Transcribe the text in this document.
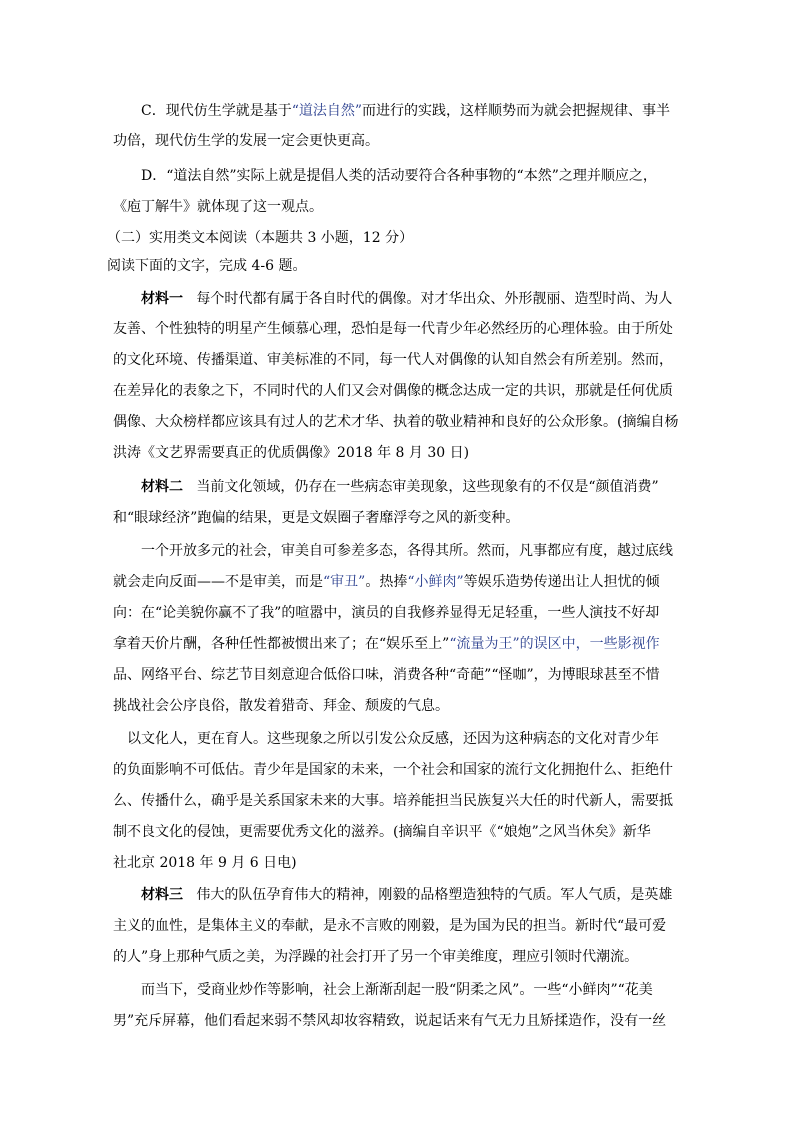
C．现代仿生学就是基于“道法自然”而进行的实践，这样顺势而为就会把握规律、事半
功倍，现代仿生学的发展一定会更快更高。
D．“道法自然”实际上就是提倡人类的活动要符合各种事物的“本然”之理并顺应之，
《庖丁解牛》就体现了这一观点。
（二）实用类文本阅读（本题共 3 小题，12 分）
阅读下面的文字，完成 4-6 题。
材料一 每个时代都有属于各自时代的偶像。对才华出众、外形靓丽、造型时尚、为人
友善、个性独特的明星产生倾慕心理，恐怕是每一代青少年必然经历的心理体验。由于所处
的文化环境、传播渠道、审美标准的不同，每一代人对偶像的认知自然会有所差别。然而，
在差异化的表象之下，不同时代的人们又会对偶像的概念达成一定的共识，那就是任何优质
偶像、大众榜样都应该具有过人的艺术才华、执着的敬业精神和良好的公众形象。(摘编自杨
洪涛《文艺界需要真正的优质偶像》2018 年 8 月 30 日)
材料二 当前文化领域，仍存在一些病态审美现象，这些现象有的不仅是“颜值消费”
和“眼球经济”跑偏的结果，更是文娱圈子奢靡浮夸之风的新变种。
一个开放多元的社会，审美自可参差多态，各得其所。然而，凡事都应有度，越过底线
就会走向反面——不是审美，而是“审丑”。热捧“小鲜肉”等娱乐造势传递出让人担忧的倾
向：在“论美貌你赢不了我”的喧嚣中，演员的自我修养显得无足轻重，一些人演技不好却
拿着天价片酬，各种任性都被惯出来了；在“娱乐至上”“流量为王”的误区中，一些影视作
品、网络平台、综艺节目刻意迎合低俗口味，消费各种“奇葩”“怪咖”，为博眼球甚至不惜
挑战社会公序良俗，散发着猎奇、拜金、颓废的气息。
以文化人，更在育人。这些现象之所以引发公众反感，还因为这种病态的文化对青少年
的负面影响不可低估。青少年是国家的未来，一个社会和国家的流行文化拥抱什么、拒绝什
么、传播什么，确乎是关系国家未来的大事。培养能担当民族复兴大任的时代新人，需要抵
制不良文化的侵蚀，更需要优秀文化的滋养。(摘编自辛识平《“娘炮”之风当休矣》新华
社北京 2018 年 9 月 6 日电)
材料三 伟大的队伍孕育伟大的精神，刚毅的品格塑造独特的气质。军人气质，是英雄
主义的血性，是集体主义的奉献，是永不言败的刚毅，是为国为民的担当。新时代“最可爱
的人”身上那种气质之美，为浮躁的社会打开了另一个审美维度，理应引领时代潮流。
而当下，受商业炒作等影响，社会上渐渐刮起一股“阴柔之风”。一些“小鲜肉”“花美
男”充斥屏幕，他们看起来弱不禁风却妆容精致，说起话来有气无力且矫揉造作，没有一丝
